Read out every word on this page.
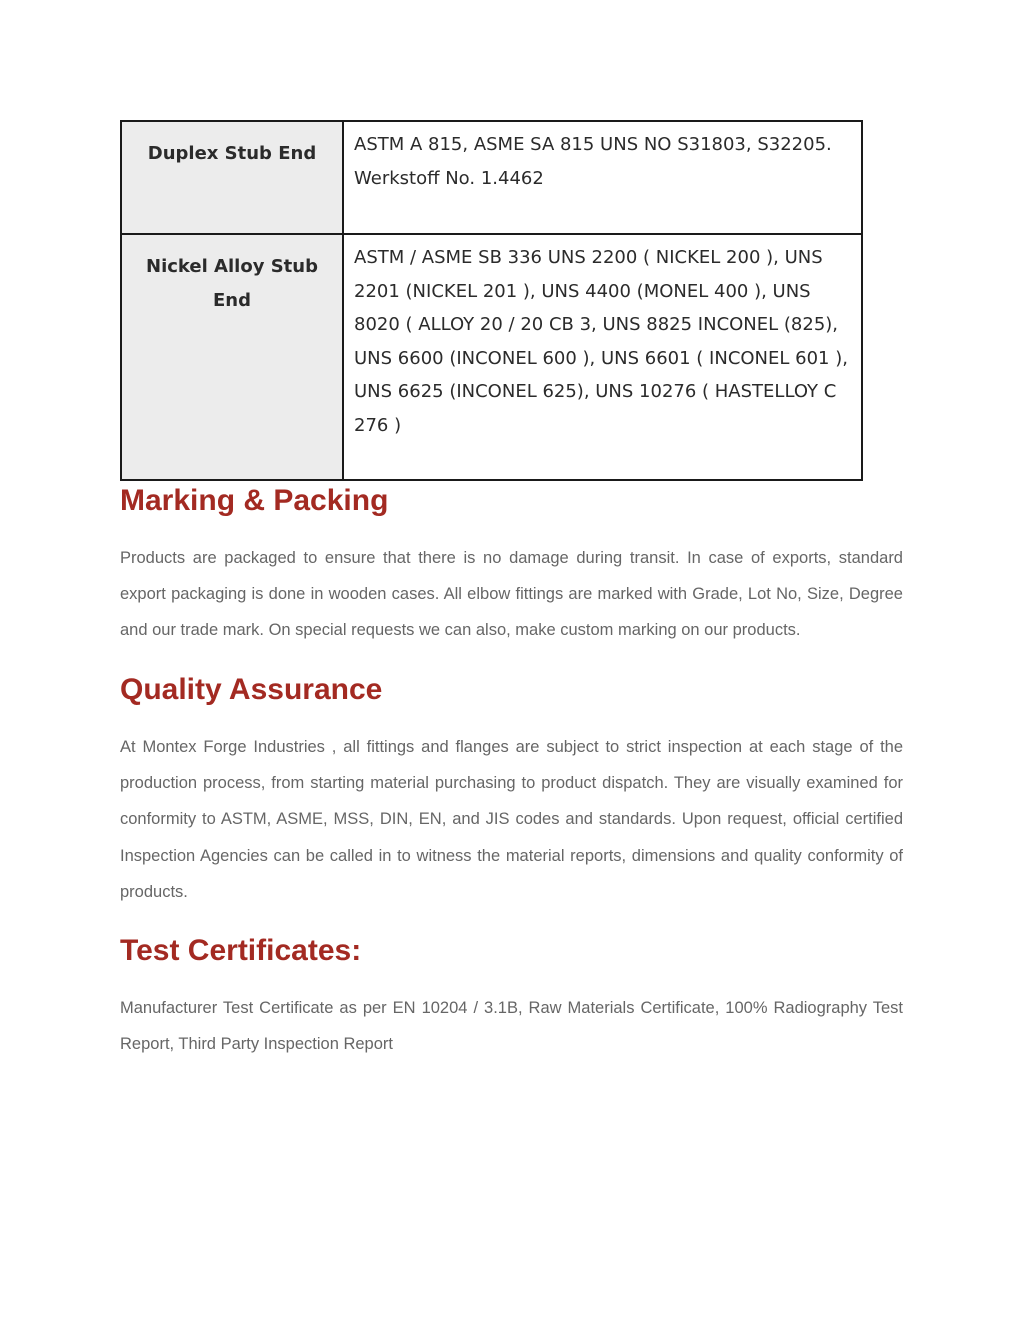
Duplex Stub End	ASTM A 815, ASME SA 815 UNS NO S31803, S32205. Werkstoff No. 1.4462

Nickel Alloy Stub End	ASTM / ASME SB 336 UNS 2200 ( NICKEL 200 ), UNS 2201 (NICKEL 201 ), UNS 4400 (MONEL 400 ), UNS 8020 ( ALLOY 20 / 20 CB 3, UNS 8825 INCONEL (825), UNS 6600 (INCONEL 600 ), UNS 6601 ( INCONEL 601 ), UNS 6625 (INCONEL 625), UNS 10276 ( HASTELLOY C 276 )
Marking & Packing

Products are packaged to ensure that there is no damage during transit. In case of exports, standard export packaging is done in wooden cases. All elbow fittings are marked with Grade, Lot No, Size, Degree and our trade mark. On special requests we can also, make custom marking on our products.

Quality Assurance

At Montex Forge Industries , all fittings and flanges are subject to strict inspection at each stage of the production process, from starting material purchasing to product dispatch. They are visually examined for conformity to ASTM, ASME, MSS, DIN, EN, and JIS codes and standards. Upon request, official certified Inspection Agencies can be called in to witness the material reports, dimensions and quality conformity of products.

Test Certificates:

Manufacturer Test Certificate as per EN 10204 / 3.1B, Raw Materials Certificate, 100% Radiography Test Report, Third Party Inspection Report
